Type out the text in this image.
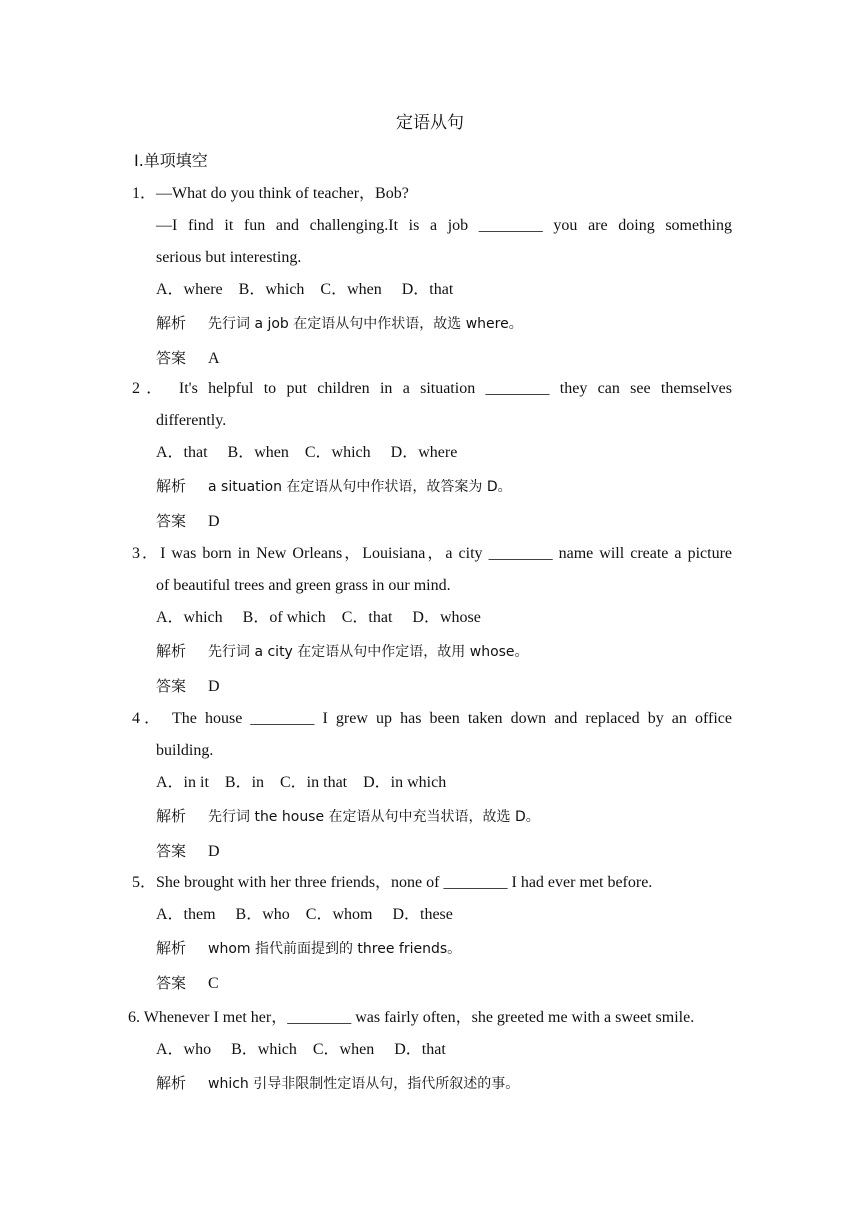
定语从句
Ⅰ.单项填空
1．—What do you think of teacher，Bob?
—I find it fun and challenging.It is a job ________ you are doing something
serious but interesting.
A．where    B．which    C．when     D．that
解析 先行词 a job 在定语从句中作状语，故选 where。
答案 A
2． It's helpful to put children in a situation ________ they can see themselves
differently.
A．that     B．when    C．which     D．where
解析 a situation 在定语从句中作状语，故答案为 D。
答案 D
3．I was born in New Orleans，Louisiana，a city ________ name will create a picture
of beautiful trees and green grass in our mind.
A．which     B．of which    C．that     D．whose
解析 先行词 a city 在定语从句中作定语，故用 whose。
答案 D
4． The house ________ I grew up has been taken down and replaced by an office
building.
A．in it    B．in    C．in that    D．in which
解析 先行词 the house 在定语从句中充当状语，故选 D。
答案 D
5．She brought with her three friends，none of ________ I had ever met before.
A．them     B．who    C．whom     D．these
解析 whom 指代前面提到的 three friends。
答案 C
6. Whenever I met her，________ was fairly often，she greeted me with a sweet smile.
A．who     B．which    C．when     D．that
解析 which 引导非限制性定语从句，指代所叙述的事。
